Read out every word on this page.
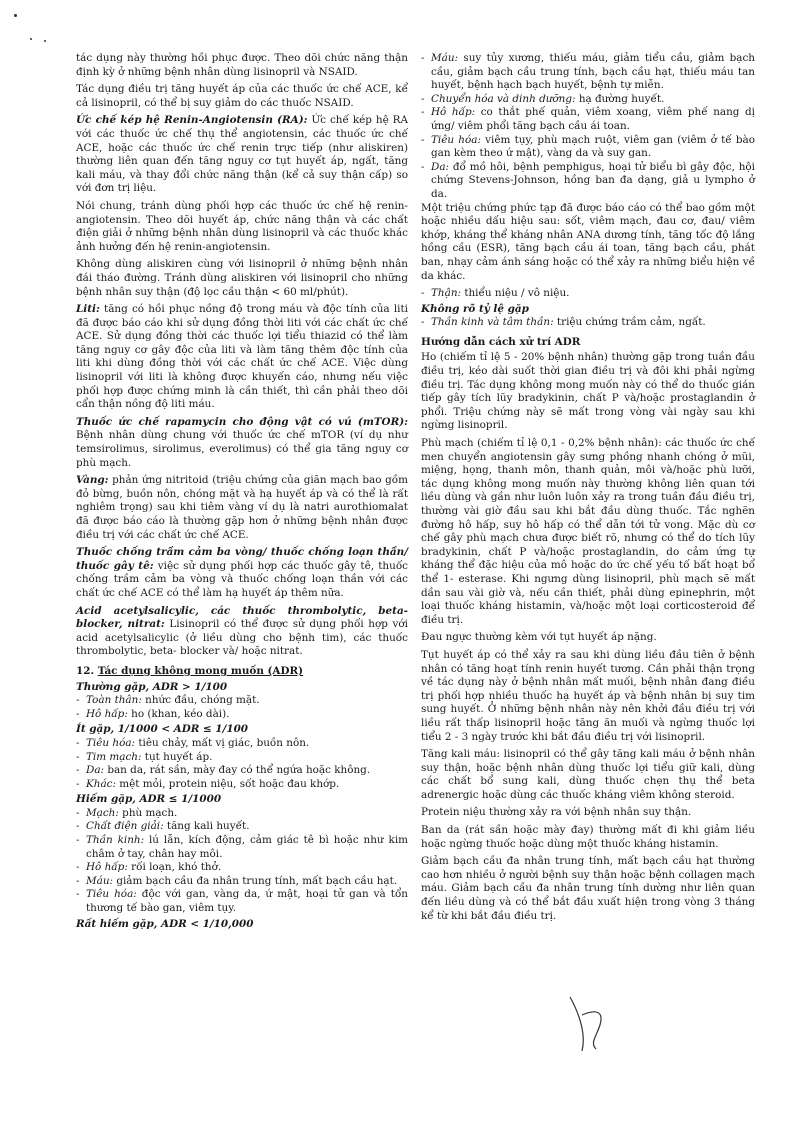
tác dụng này thường hồi phục được. Theo dõi chức năng thận định kỳ ở những bệnh nhân dùng lisinopril và NSAID.

Tác dụng điều trị tăng huyết áp của các thuốc ức chế ACE, kể cả lisinopril, có thể bị suy giảm do các thuốc NSAID.

Ức chế kép hệ Renin-Angiotensin (RA): Ức chế kép hệ RA với các thuốc ức chế thụ thể angiotensin, các thuốc ức chế ACE, hoặc các thuốc ức chế renin trực tiếp (như aliskiren) thường liên quan đến tăng nguy cơ tụt huyết áp, ngất, tăng kali máu, và thay đổi chức năng thận (kể cả suy thận cấp) so với đơn trị liệu.

Nói chung, tránh dùng phối hợp các thuốc ức chế hệ renin-angiotensin. Theo dõi huyết áp, chức năng thận và các chất điện giải ở những bệnh nhân dùng lisinopril và các thuốc khác ảnh hưởng đến hệ renin-angiotensin.

Không dùng aliskiren cùng với lisinopril ở những bệnh nhân đái tháo đường. Tránh dùng aliskiren với lisinopril cho những bệnh nhân suy thận (độ lọc cầu thận < 60 ml/phút).

Liti: tăng có hồi phục nồng độ trong máu và độc tính của liti đã được báo cáo khi sử dụng đồng thời liti với các chất ức chế ACE. Sử dụng đồng thời các thuốc lợi tiểu thiazid có thể làm tăng nguy cơ gây độc của liti và làm tăng thêm độc tính của liti khi dùng đồng thời với các chất ức chế ACE. Việc dùng lisinopril với liti là không được khuyến cáo, nhưng nếu việc phối hợp được chứng minh là cần thiết, thì cần phải theo dõi cẩn thận nồng độ liti máu.

Thuốc ức chế rapamycin cho động vật có vú (mTOR): Bệnh nhân dùng chung với thuốc ức chế mTOR (ví dụ như temsirolimus, sirolimus, everolimus) có thể gia tăng nguy cơ phù mạch.

Vàng: phản ứng nitritoid (triệu chứng của giãn mạch bao gồm đỏ bừng, buồn nôn, chóng mặt và hạ huyết áp và có thể là rất nghiêm trọng) sau khi tiêm vàng ví dụ là natri aurothiomalat đã được báo cáo là thường gặp hơn ở những bệnh nhân được điều trị với các chất ức chế ACE.

Thuốc chống trầm cảm ba vòng/ thuốc chống loạn thần/ thuốc gây tê: việc sử dụng phối hợp các thuốc gây tê, thuốc chống trầm cảm ba vòng và thuốc chống loạn thần với các chất ức chế ACE có thể làm hạ huyết áp thêm nữa.

Acid acetylsalicylic, các thuốc thrombolytic, beta- blocker, nitrat: Lisinopril có thể được sử dụng phối hợp với acid acetylsalicylic (ở liều dùng cho bệnh tim), các thuốc thrombolytic, beta- blocker và/ hoặc nitrat.

12. Tác dụng không mong muốn (ADR)
Thường gặp, ADR > 1/100
- Toàn thân: nhức đầu, chóng mặt.
- Hô hấp: ho (khan, kéo dài).
Ít gặp, 1/1000 < ADR ≤ 1/100
- Tiêu hóa: tiêu chảy, mất vị giác, buồn nôn.
- Tim mạch: tụt huyết áp.
- Da: ban da, rát sần, mày đay có thể ngứa hoặc không.
- Khác: mệt mỏi, protein niệu, sốt hoặc đau khớp.
Hiếm gặp, ADR ≤ 1/1000
- Mạch: phù mạch.
- Chất điện giải: tăng kali huyết.
- Thần kinh: lú lẫn, kích động, cảm giác tê bì hoặc như kim châm ở tay, chân hay môi.
- Hô hấp: rối loạn, khó thở.
- Máu: giảm bạch cầu đa nhân trung tính, mất bạch cầu hạt.
- Tiêu hóa: độc với gan, vàng da, ứ mật, hoại tử gan và tổn thương tế bào gan, viêm tụy.
Rất hiếm gặp, ADR < 1/10,000
- Máu: suy tủy xương, thiếu máu, giảm tiểu cầu, giảm bạch cầu, giảm bạch cầu trung tính, bạch cầu hạt, thiếu máu tan huyết, bệnh hạch bạch huyết, bệnh tự miễn.
- Chuyển hóa và dinh dưỡng: hạ đường huyết.
- Hô hấp: co thắt phế quản, viêm xoang, viêm phế nang dị ứng/ viêm phổi tăng bạch cầu ái toan.
- Tiêu hóa: viêm tụy, phù mạch ruột, viêm gan (viêm ở tế bào gan kèm theo ứ mật), vàng da và suy gan.
- Da: đổ mồ hôi, bệnh pemphigus, hoại tử biểu bì gây độc, hội chứng Stevens-Johnson, hồng ban đa dạng, giả u lympho ở da.

Một triệu chứng phức tạp đã được báo cáo có thể bao gồm một hoặc nhiều dấu hiệu sau: sốt, viêm mạch, đau cơ, đau/ viêm khớp, kháng thể kháng nhân ANA dương tính, tăng tốc độ lắng hồng cầu (ESR), tăng bạch cầu ái toan, tăng bạch cầu, phát ban, nhạy cảm ánh sáng hoặc có thể xảy ra những biểu hiện về da khác.

- Thận: thiểu niệu / vô niệu.
Không rõ tỷ lệ gặp
- Thần kinh và tâm thần: triệu chứng trầm cảm, ngất.
Hướng dẫn cách xử trí ADR

Ho (chiếm tỉ lệ 5 - 20% bệnh nhân) thường gặp trong tuần đầu điều trị, kéo dài suốt thời gian điều trị và đôi khi phải ngừng điều trị. Tác dụng không mong muốn này có thể do thuốc gián tiếp gây tích lũy bradykinin, chất P và/hoặc prostaglandin ở phổi. Triệu chứng này sẽ mất trong vòng vài ngày sau khi ngừng lisinopril.

Phù mạch (chiếm tỉ lệ 0,1 - 0,2% bệnh nhân): các thuốc ức chế men chuyển angiotensin gây sưng phồng nhanh chóng ở mũi, miệng, họng, thanh môn, thanh quản, môi và/hoặc phù lưỡi, tác dụng không mong muốn này thường không liên quan tới liều dùng và gần như luôn luôn xảy ra trong tuần đầu điều trị, thường vài giờ đầu sau khi bắt đầu dùng thuốc. Tắc nghẽn đường hô hấp, suy hô hấp có thể dẫn tới tử vong. Mặc dù cơ chế gây phù mạch chưa được biết rõ, nhưng có thể do tích lũy bradykinin, chất P và/hoặc prostaglandin, do cảm ứng tự kháng thể đặc hiệu của mô hoặc do ức chế yếu tố bất hoạt bổ thể 1- esterase. Khi ngưng dùng lisinopril, phù mạch sẽ mất dần sau vài giờ và, nếu cần thiết, phải dùng epinephrin, một loại thuốc kháng histamin, và/hoặc một loại corticosteroid để điều trị.

Đau ngực thường kèm với tụt huyết áp nặng.

Tụt huyết áp có thể xảy ra sau khi dùng liều đầu tiên ở bệnh nhân có tăng hoạt tính renin huyết tương. Cần phải thận trọng về tác dụng này ở bệnh nhân mất muối, bệnh nhân đang điều trị phối hợp nhiều thuốc hạ huyết áp và bệnh nhân bị suy tim sung huyết. Ở những bệnh nhân này nên khởi đầu điều trị với liều rất thấp lisinopril hoặc tăng ăn muối và ngừng thuốc lợi tiểu 2 - 3 ngày trước khi bắt đầu điều trị với lisinopril.

Tăng kali máu: lisinopril có thể gây tăng kali máu ở bệnh nhân suy thận, hoặc bệnh nhân dùng thuốc lợi tiểu giữ kali, dùng các chất bổ sung kali, dùng thuốc chẹn thụ thể beta adrenergic hoặc dùng các thuốc kháng viêm không steroid.

Protein niệu thường xảy ra với bệnh nhân suy thận.

Ban da (rát sần hoặc mày đay) thường mất đi khi giảm liều hoặc ngừng thuốc hoặc dùng một thuốc kháng histamin.

Giảm bạch cầu đa nhân trung tính, mất bạch cầu hạt thường cao hơn nhiều ở người bệnh suy thận hoặc bệnh collagen mạch máu. Giảm bạch cầu đa nhân trung tính dường như liên quan đến liều dùng và có thể bắt đầu xuất hiện trong vòng 3 tháng kể từ khi bắt đầu điều trị.
